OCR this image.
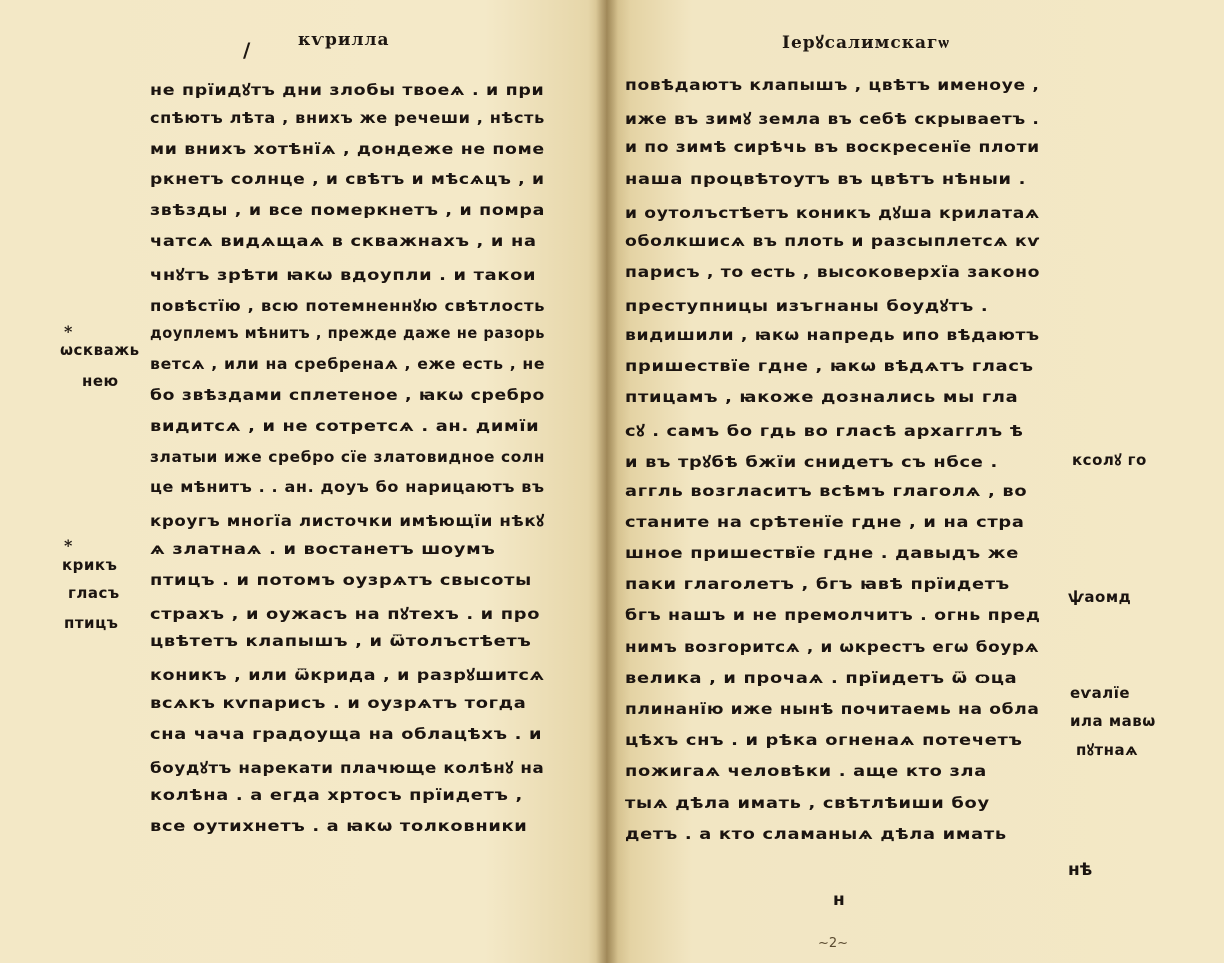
кѵрилла
/	Ӏерꙋсалимскагѡ
не прїидꙋтъ дни злобы твоеѧ . и при
спѣютъ лѣта , внихъ же речеши , нѣсть
ми внихъ хотѣнїѧ , дондеже не поме
ркнетъ солнце , и свѣтъ и мѣсѧцъ , и
звѣзды , и все померкнетъ , и помра
чатсѧ видѧщаѧ в скважнахъ , и на
чнꙋтъ зрѣти ꙗкѡ вдоупли . и такои
повѣстїю , всю потемненнꙋю свѣтлость
доуплемъ мѣнитъ , прежде даже не разорь
ветсѧ , или на сребренаѧ , еже есть , не
бо звѣздами сплетеное , ꙗкѡ сребро
видитсѧ , и не сотретсѧ . ан. димїи
златыи иже сребро сїе златовидное солн
це мѣнитъ . . ан. доуъ бо нарицаютъ въ
кроугъ многїа листочки имѣющїи нѣкꙋ
ѧ златнаѧ . и востанетъ шоумъ
птицъ . и потомъ оузрѧтъ свысоты
страхъ , и оужасъ на пꙋтехъ . и про
цвѣтетъ клапышъ , и ѿтолъстѣетъ
коникъ , или ѿкрида , и разрꙋшитсѧ
всѧкъ кѵпарисъ . и оузрѧтъ тогда
сна чача градоуща на облацѣхъ . и
боудꙋтъ нарекати плачюще колѣнꙋ на
колѣна . а егда хртосъ прїидетъ ,
все оутихнетъ . а ꙗкѡ толковники
*
ѡскважь
нею
*
крикъ
гласъ
птицъ
повѣдаютъ клапышъ , цвѣтъ именоуе ,
иже въ зимꙋ земла въ себѣ скрываетъ .
и по зимѣ сирѣчь въ воскресенїе плоти
наша процвѣтоутъ въ цвѣтъ нѣныи .
и оутолъстѣетъ коникъ дꙋша крилатаѧ
оболкшисѧ въ плоть и разсыплетсѧ кѵ
парисъ , то есть , высоковерхїа законо
преступницы изъгнаны боудꙋтъ .
видишили , ꙗкѡ напредь ипо вѣдаютъ
пришествїе гдне , ꙗкѡ вѣдѧтъ гласъ
птицамъ , ꙗкоже дознались мы гла
сꙋ . самъ бо гдь во гласѣ архагглъ ѣ
и въ трꙋбѣ бжїи снидетъ съ нбсе .
аггль возгласитъ всѣмъ глаголѧ , во
станите на срѣтенїе гдне , и на стра
шное пришествїе гдне . давыдъ же
паки глаголетъ , бгъ ꙗвѣ прїидетъ
бгъ нашъ и не премолчитъ . огнь пред
нимъ возгоритсѧ , и ѡкрестъ егѡ боурѧ
велика , и прочаѧ . прїидетъ ѿ ѻца
плинанїю иже нынѣ почитаемь на обла
цѣхъ снъ . и рѣка огненаѧ потечетъ
пожигаѧ человѣки . аще кто зла
тыѧ дѣла имать , свѣтлѣиши боу
детъ . а кто сламаныѧ дѣла имать
ксолꙋ го
ѱаомд
еѵалїе
ила мавѡ
пꙋтнаѧ
нѣ
н
~2~
